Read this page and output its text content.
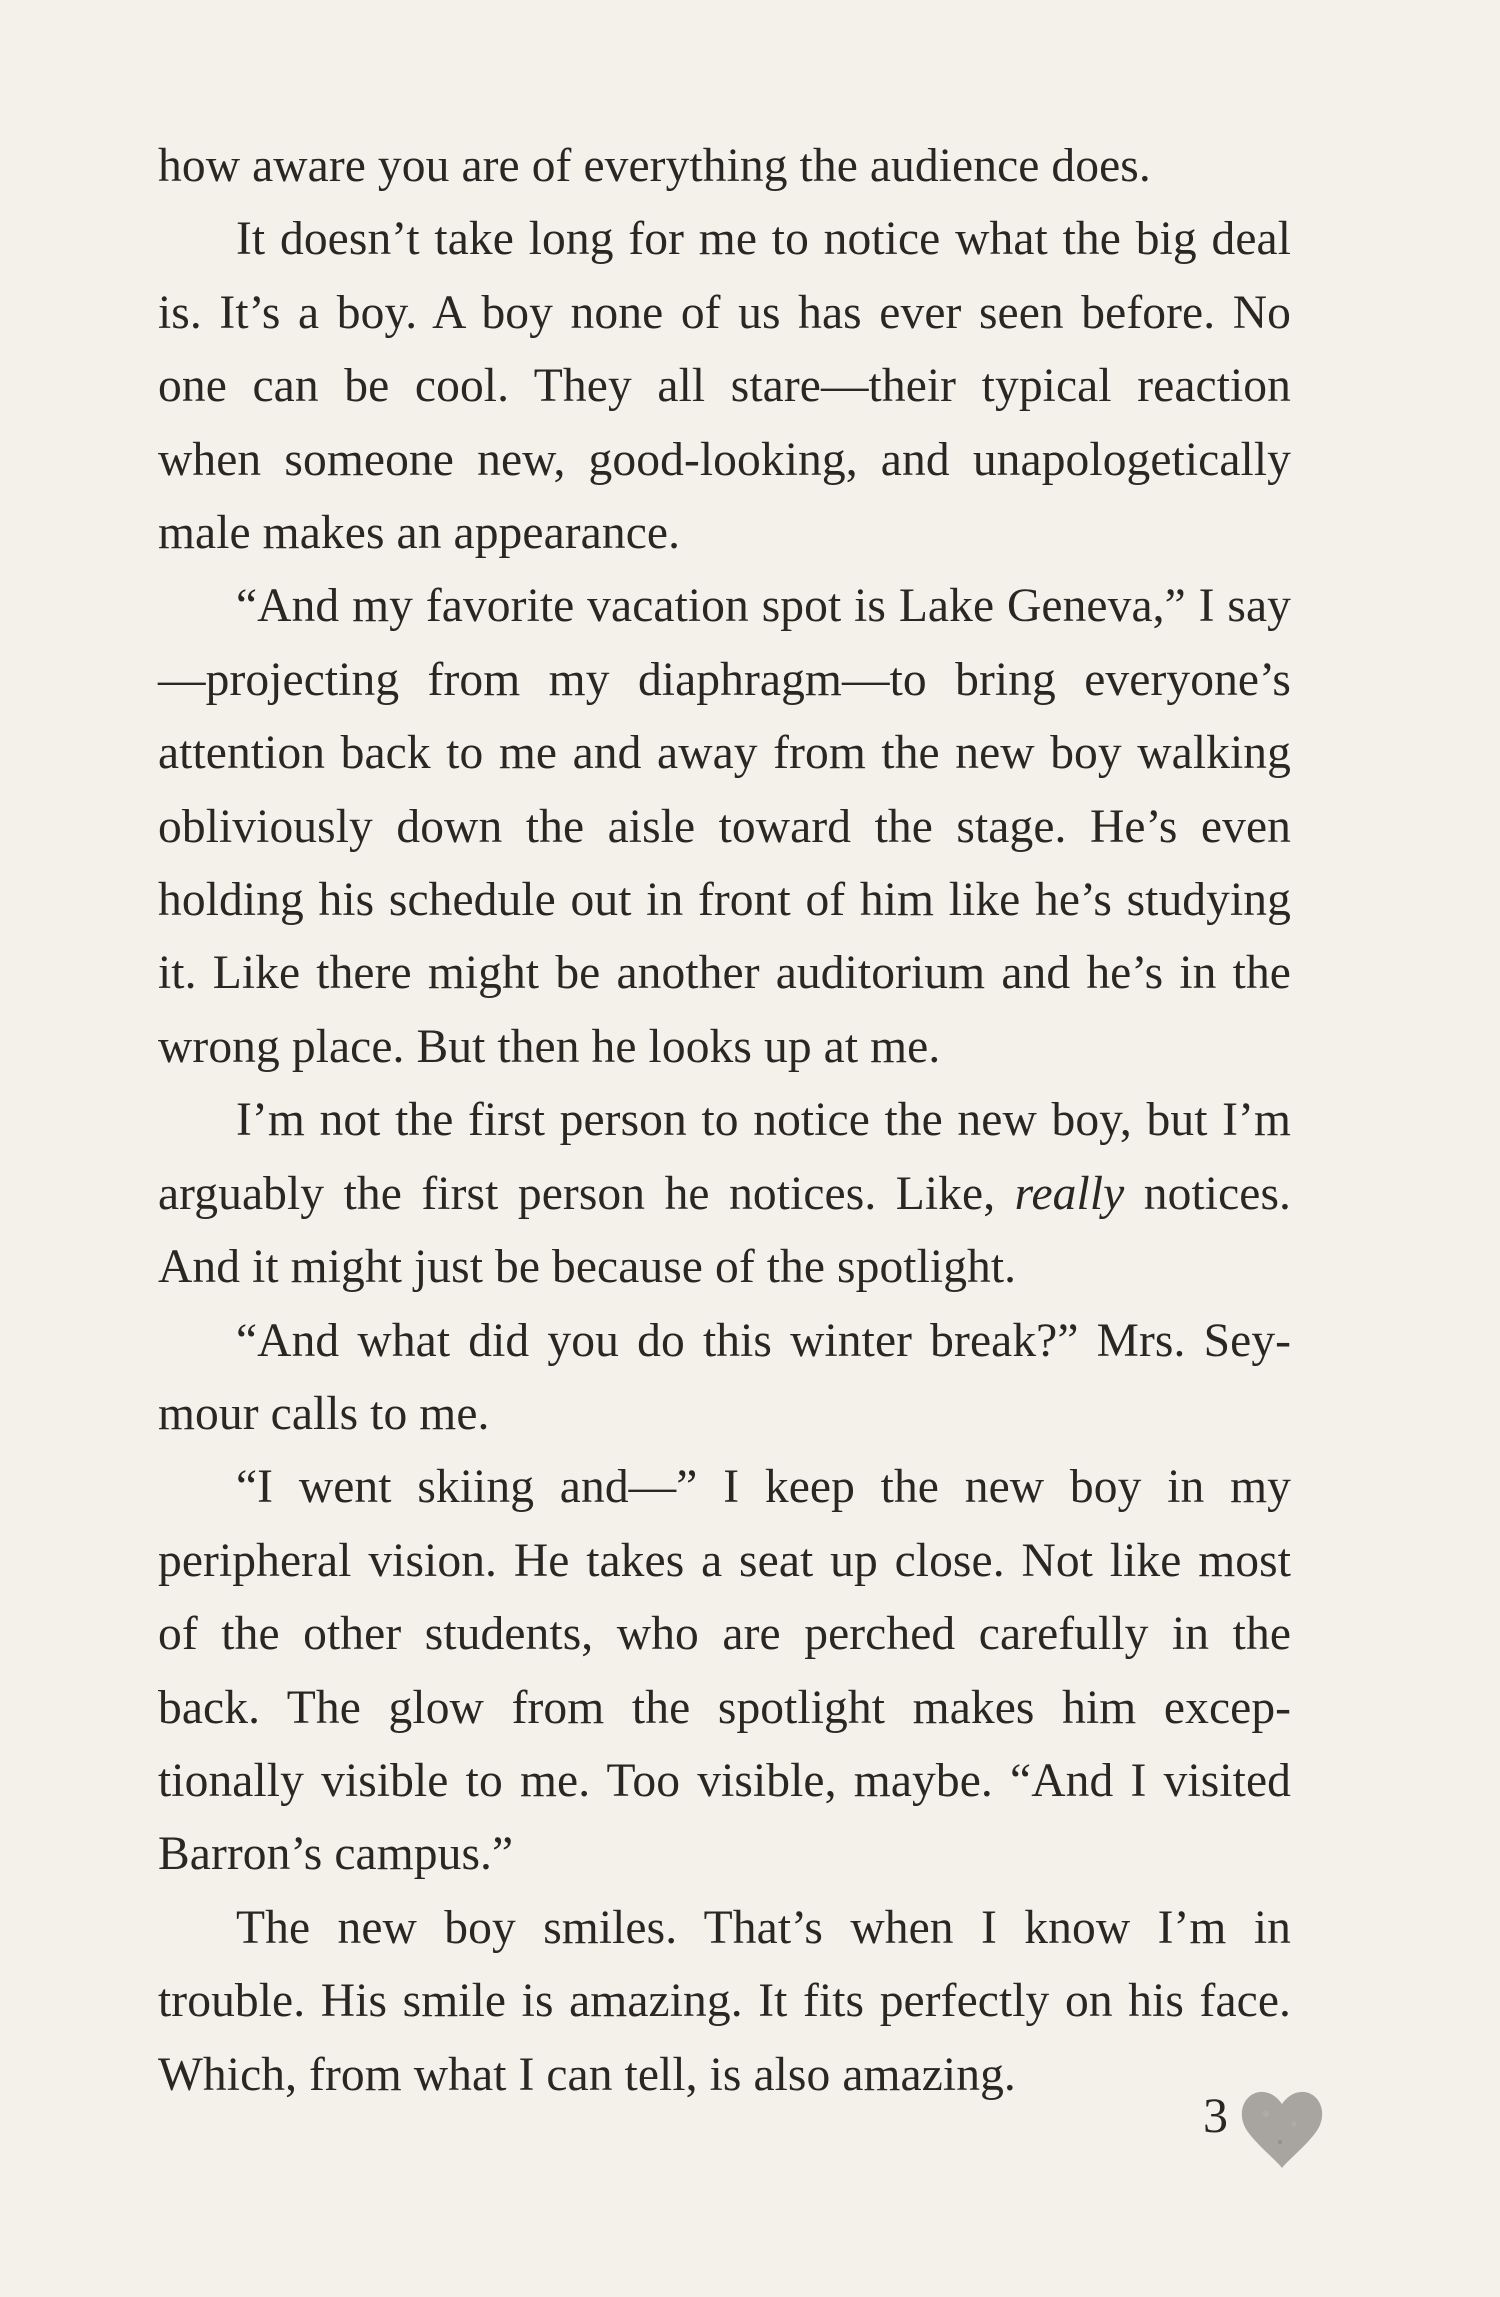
how aware you are of everything the audience does.

It doesn’t take long for me to notice what the big deal is. It’s a boy. A boy none of us has ever seen before. No one can be cool. They all stare—their typical reaction when someone new, good-looking, and unapologetically male makes an appearance.

“And my favorite vacation spot is Lake Geneva,” I say—projecting from my diaphragm—to bring everyone’s attention back to me and away from the new boy walking obliviously down the aisle toward the stage. He’s even holding his schedule out in front of him like he’s studying it. Like there might be another auditorium and he’s in the wrong place. But then he looks up at me.

I’m not the first person to notice the new boy, but I’m arguably the first person he notices. Like, really notices. And it might just be because of the spotlight.

“And what did you do this winter break?” Mrs. Seymour calls to me.

“I went skiing and—” I keep the new boy in my peripheral vision. He takes a seat up close. Not like most of the other students, who are perched carefully in the back. The glow from the spotlight makes him exceptionally visible to me. Too visible, maybe. “And I visited Barron’s campus.”

The new boy smiles. That’s when I know I’m in trouble. His smile is amazing. It fits perfectly on his face. Which, from what I can tell, is also amazing.

3
